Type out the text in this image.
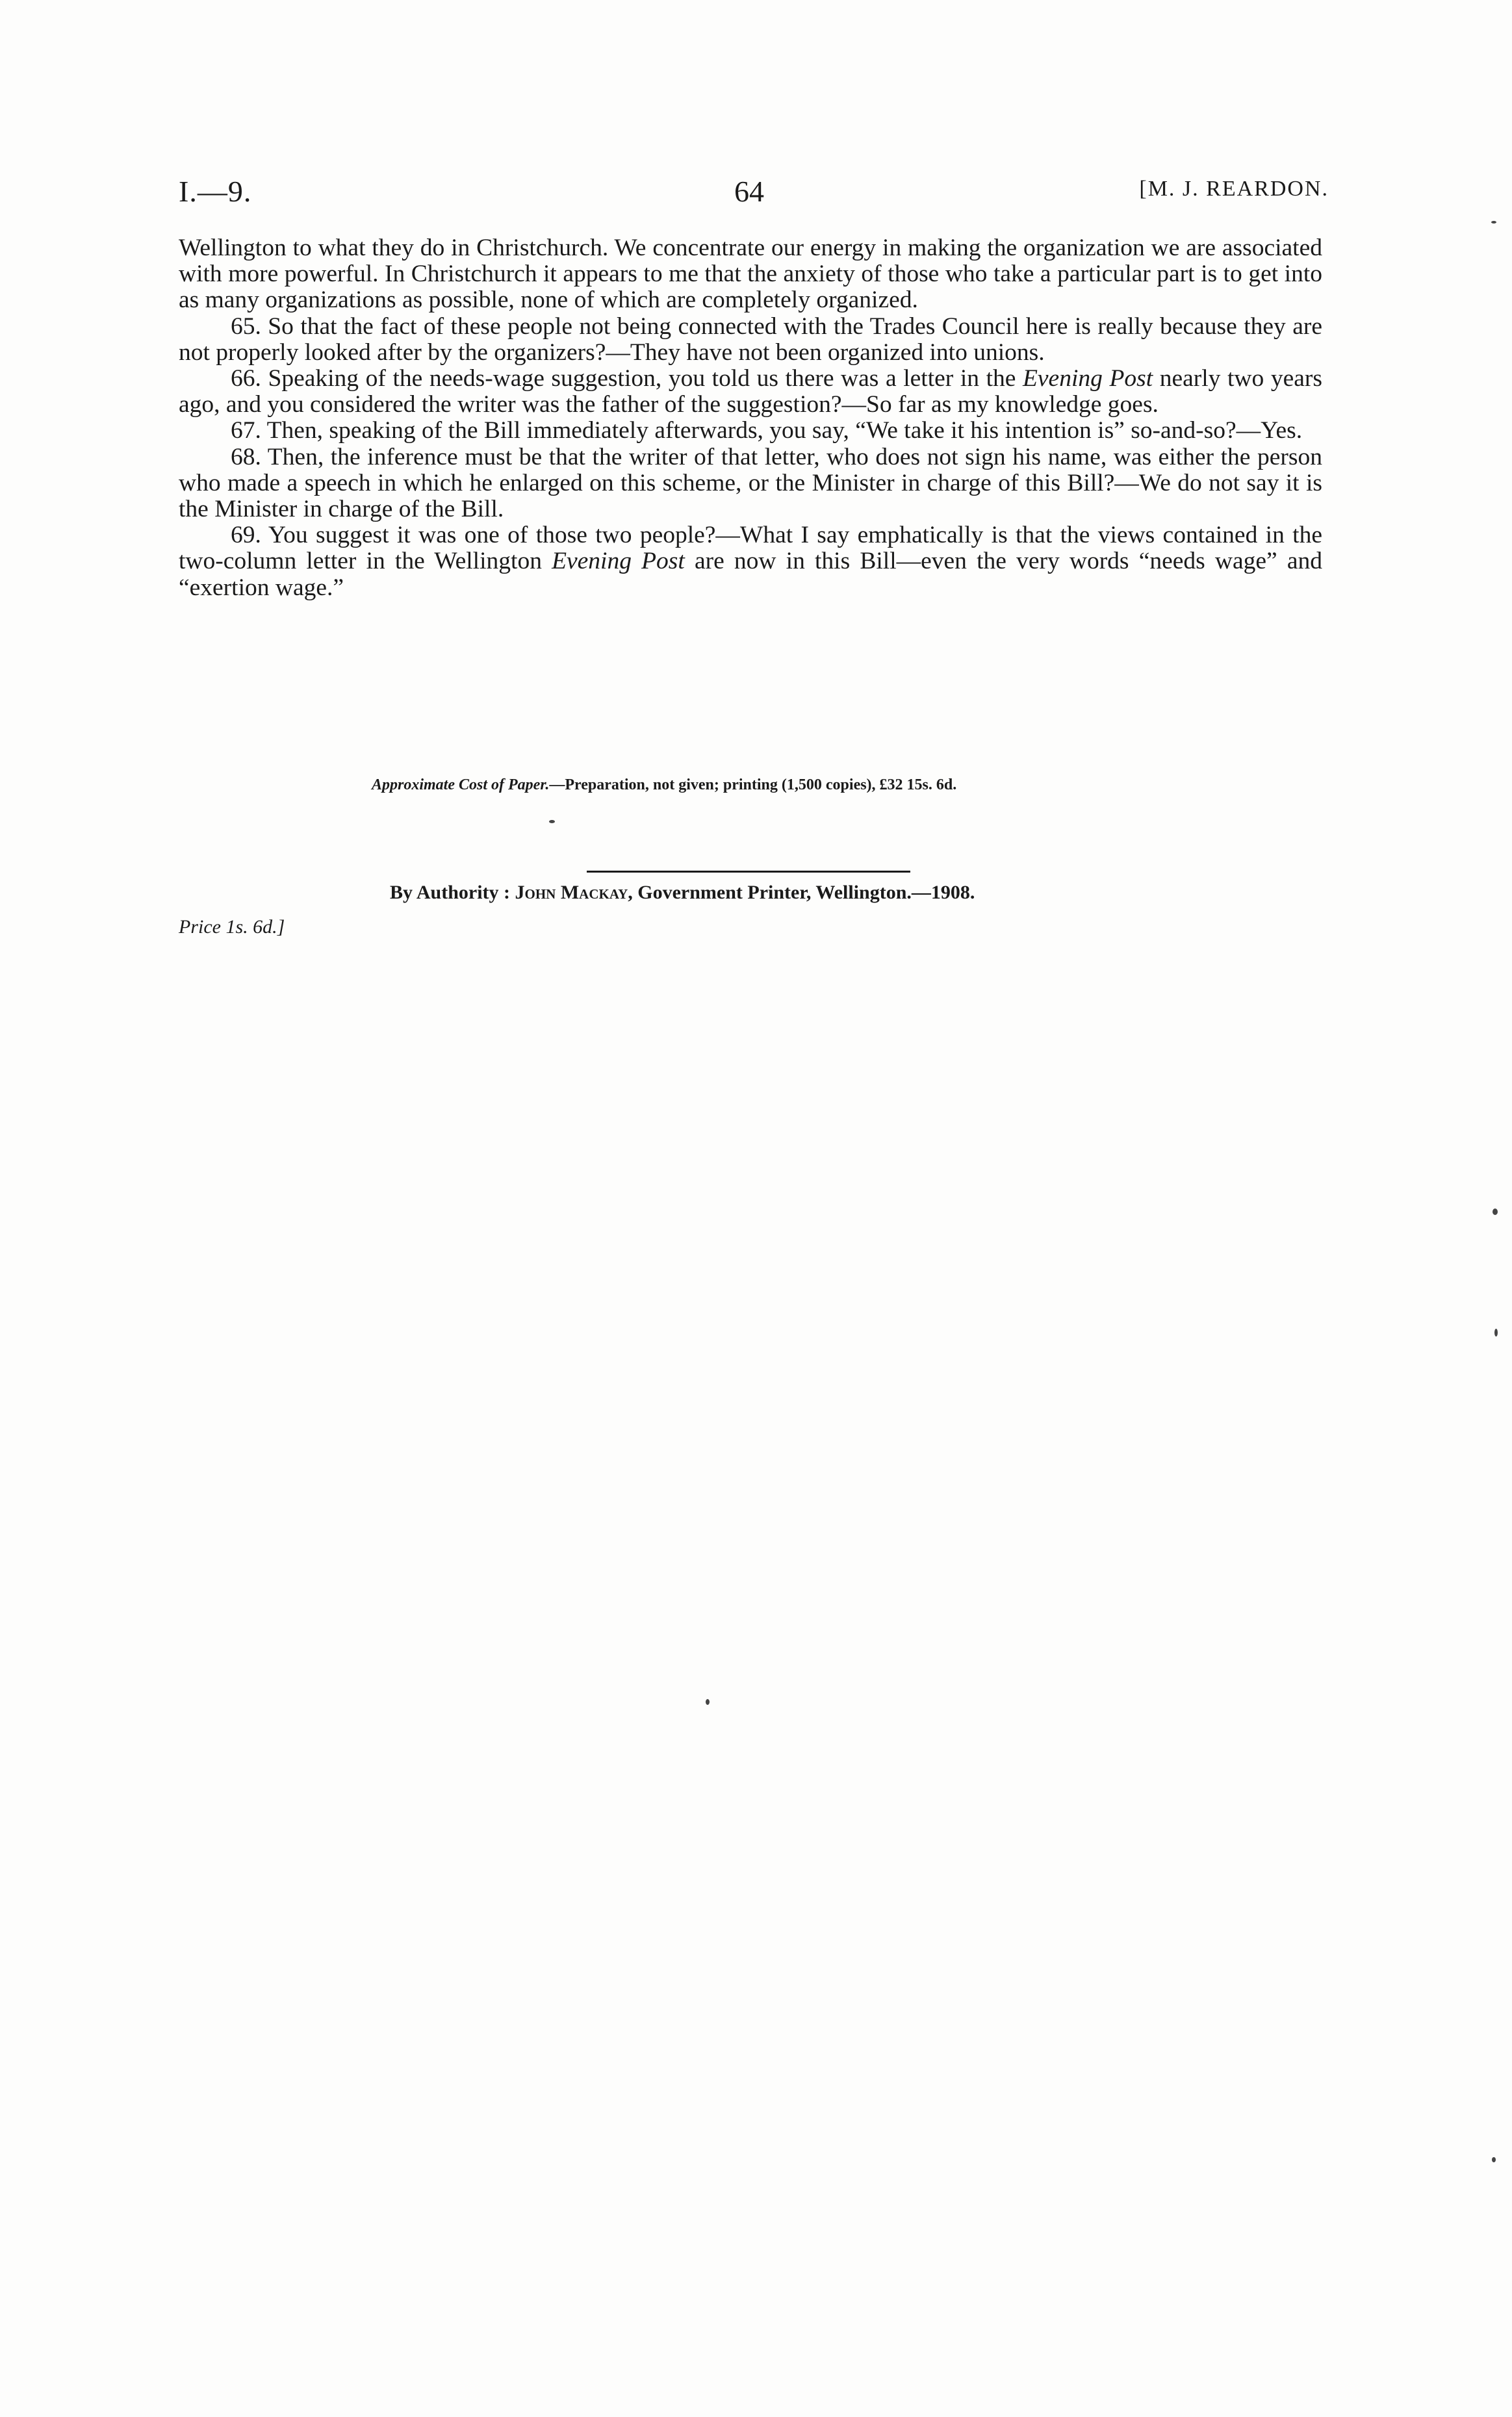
I.—9.	64	[M. J. REARDON.

Wellington to what they do in Christchurch. We concentrate our energy in making the organization we are associated with more powerful. In Christchurch it appears to me that the anxiety of those who take a particular part is to get into as many organizations as possible, none of which are completely organized.

65. So that the fact of these people not being connected with the Trades Council here is really because they are not properly looked after by the organizers?—They have not been organized into unions.

66. Speaking of the needs-wage suggestion, you told us there was a letter in the Evening Post nearly two years ago, and you considered the writer was the father of the suggestion?—So far as my knowledge goes.

67. Then, speaking of the Bill immediately afterwards, you say, “We take it his intention is” so-and-so?—Yes.

68. Then, the inference must be that the writer of that letter, who does not sign his name, was either the person who made a speech in which he enlarged on this scheme, or the Minister in charge of this Bill?—We do not say it is the Minister in charge of the Bill.

69. You suggest it was one of those two people?—What I say emphatically is that the views contained in the two-column letter in the Wellington Evening Post are now in this Bill—even the very words “needs wage” and “exertion wage.”

Approximate Cost of Paper.—Preparation, not given; printing (1,500 copies), £32 15s. 6d.
By Authority : John Mackay, Government Printer, Wellington.—1908.
Price 1s. 6d.]
